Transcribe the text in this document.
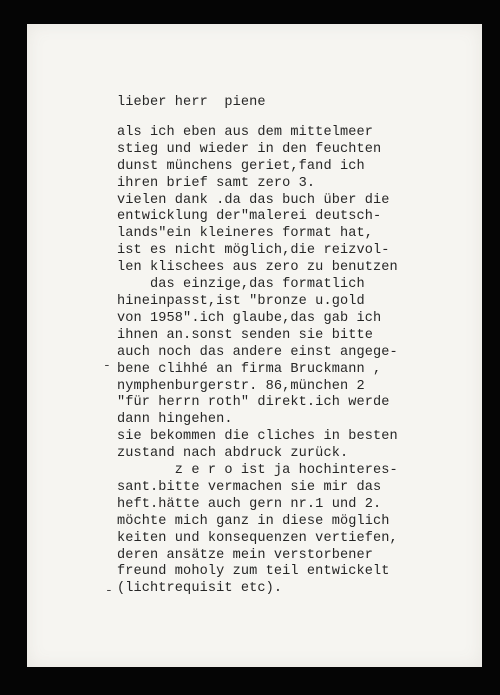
lieber herr  piene
als ich eben aus dem mittelmeer
stieg und wieder in den feuchten
dunst münchens geriet,fand ich
ihren brief samt zero 3.
vielen dank .da das buch über die
entwicklung der"malerei deutsch-
lands"ein kleineres format hat,
ist es nicht möglich,die reizvol-
len klischees aus zero zu benutzen
das einzige,das formatlich
hineinpasst,ist "bronze u.gold
von 1958".ich glaube,das gab ich
ihnen an.sonst senden sie bitte
auch noch das andere einst angege-
bene clihhé an firma Bruckmann ,
nymphenburgerstr. 86,münchen 2
"für herrn roth" direkt.ich werde
dann hingehen.
sie bekommen die cliches in besten
zustand nach abdruck zurück.
z e r o ist ja hochinteres-
sant.bitte vermachen sie mir das
heft.hätte auch gern nr.1 und 2.
möchte mich ganz in diese möglich
keiten und konsequenzen vertiefen,
deren ansätze mein verstorbener
freund moholy zum teil entwickelt
(lichtrequisit etc).
-
-
